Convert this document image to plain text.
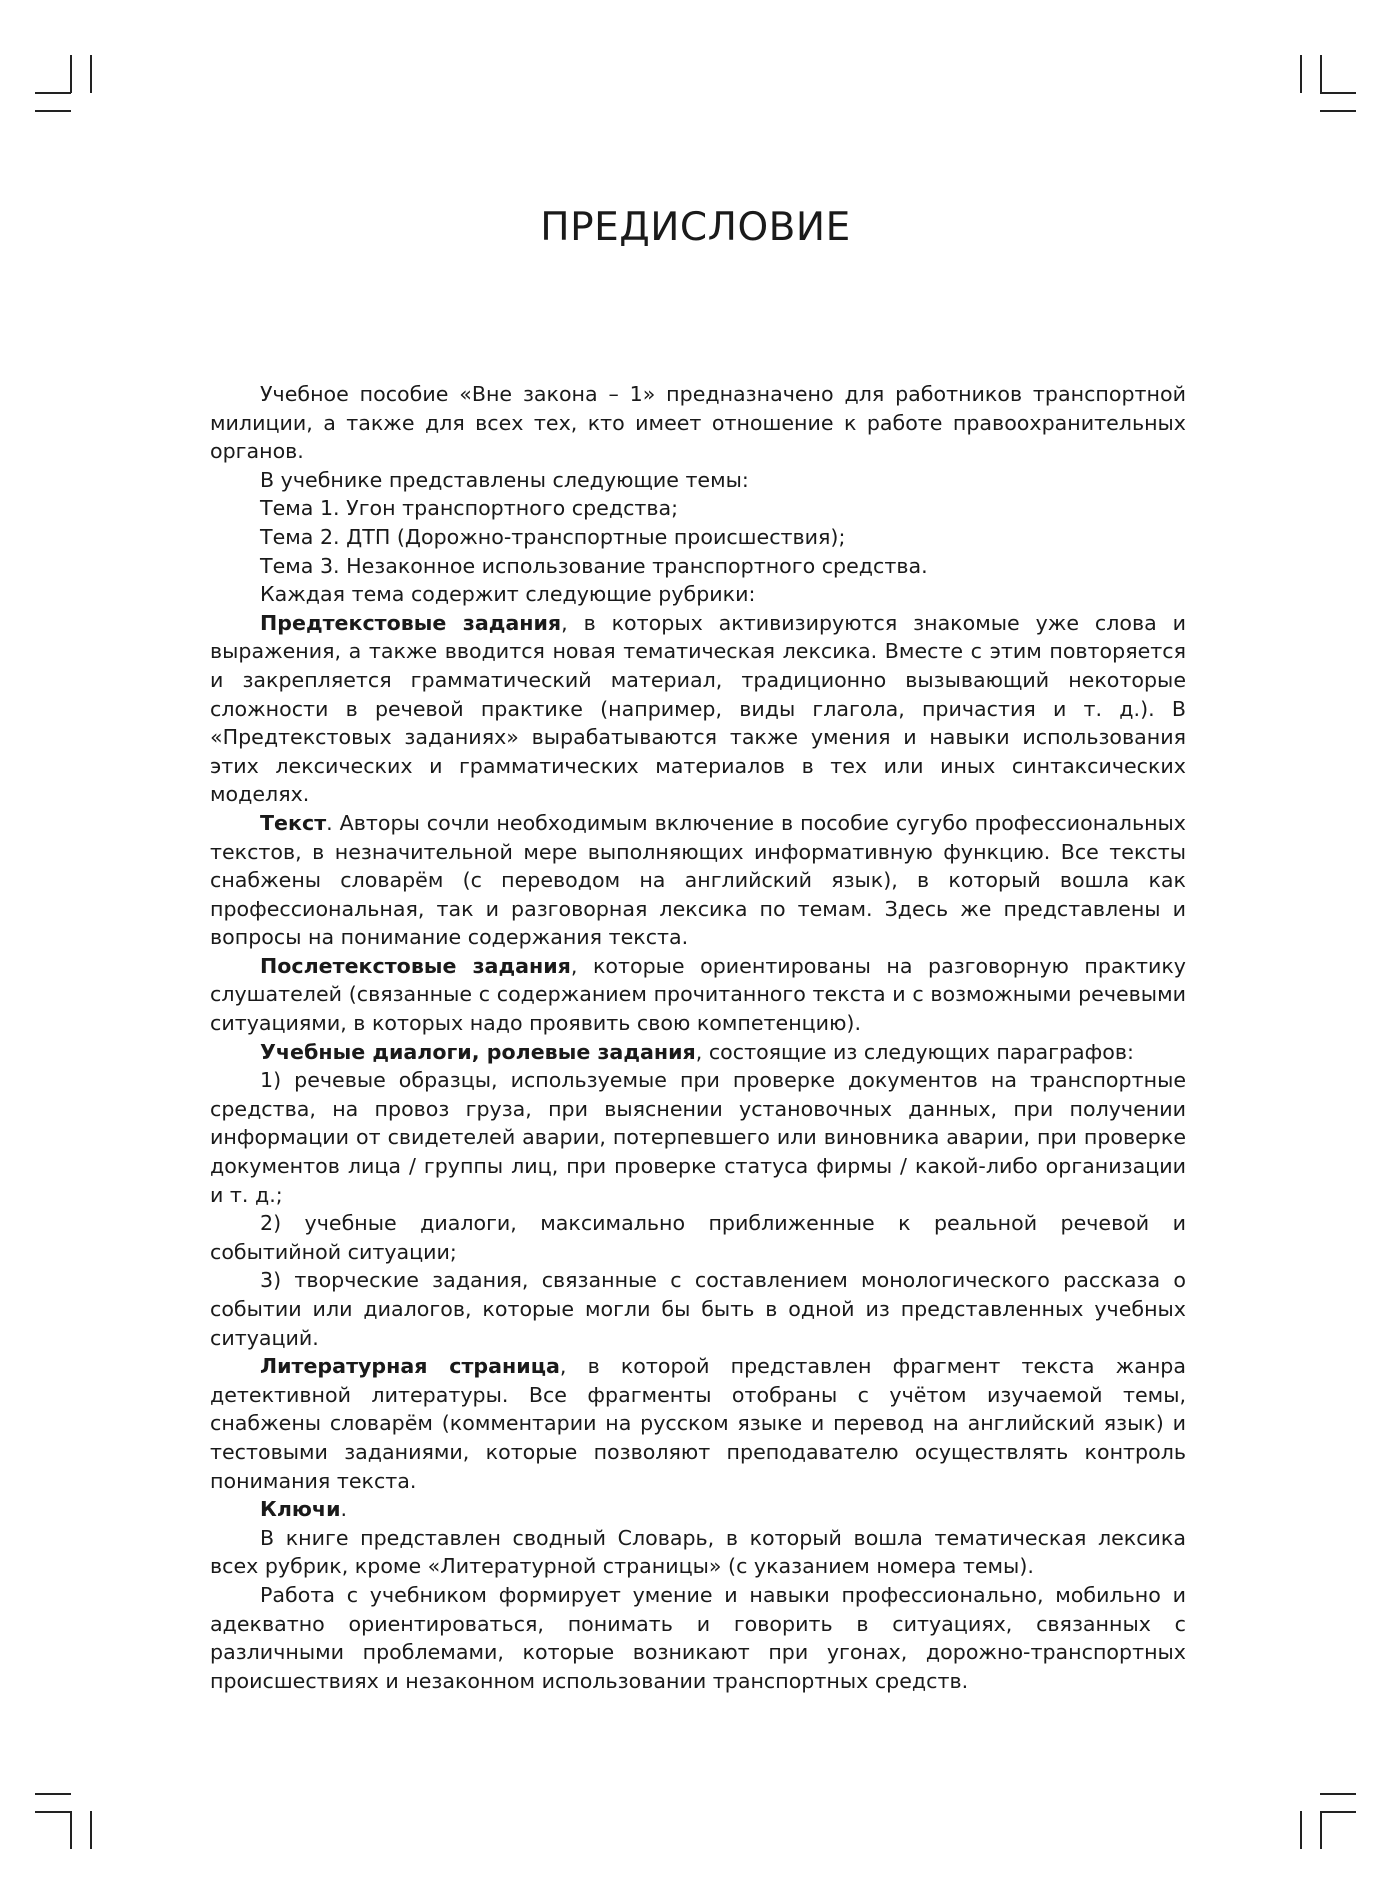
ПРЕДИСЛОВИЕ

Учебное пособие «Вне закона – 1» предназначено для работников транспортной милиции, а также для всех тех, кто имеет отношение к работе правоохранительных органов.

В учебнике представлены следующие темы:

Тема 1. Угон транспортного средства;

Тема 2. ДТП (Дорожно-транспортные происшествия);

Тема 3. Незаконное использование транспортного средства.

Каждая тема содержит следующие рубрики:

Предтекстовые задания, в которых активизируются знакомые уже слова и выражения, а также вводится новая тематическая лексика. Вместе с этим повторяется и закрепляется грамматический материал, традиционно вызывающий некоторые сложности в речевой практике (например, виды глагола, причастия и т. д.). В «Предтекстовых заданиях» вырабатываются также умения и навыки использования этих лексических и грамматических материалов в тех или иных синтаксических моделях.

Текст. Авторы сочли необходимым включение в пособие сугубо профессиональных текстов, в незначительной мере выполняющих информативную функцию. Все тексты снабжены словарём (с переводом на английский язык), в который вошла как профессиональная, так и разговорная лексика по темам. Здесь же представлены и вопросы на понимание содержания текста.

Послетекстовые задания, которые ориентированы на разговорную практику слушателей (связанные с содержанием прочитанного текста и с возможными речевыми ситуациями, в которых надо проявить свою компетенцию).

Учебные диалоги, ролевые задания, состоящие из следующих параграфов:

1) речевые образцы, используемые при проверке документов на транспортные средства, на провоз груза, при выяснении установочных данных, при получении информации от свидетелей аварии, потерпевшего или виновника аварии, при проверке документов лица / группы лиц, при проверке статуса фирмы / какой-либо организации и т. д.;

2) учебные диалоги, максимально приближенные к реальной речевой и событийной ситуации;

3) творческие задания, связанные с составлением монологического рассказа о событии или диалогов, которые могли бы быть в одной из представленных учебных ситуаций.

Литературная страница, в которой представлен фрагмент текста жанра детективной литературы. Все фрагменты отобраны с учётом изучаемой темы, снабжены словарём (комментарии на русском языке и перевод на английский язык) и тестовыми заданиями, которые позволяют преподавателю осуществлять контроль понимания текста.

Ключи.

В книге представлен сводный Словарь, в который вошла тематическая лексика всех рубрик, кроме «Литературной страницы» (с указанием номера темы).

Работа с учебником формирует умение и навыки профессионально, мобильно и адекватно ориентироваться, понимать и говорить в ситуациях, связанных с различными проблемами, которые возникают при угонах, дорожно-транспортных происшествиях и незаконном использовании транспортных средств.
